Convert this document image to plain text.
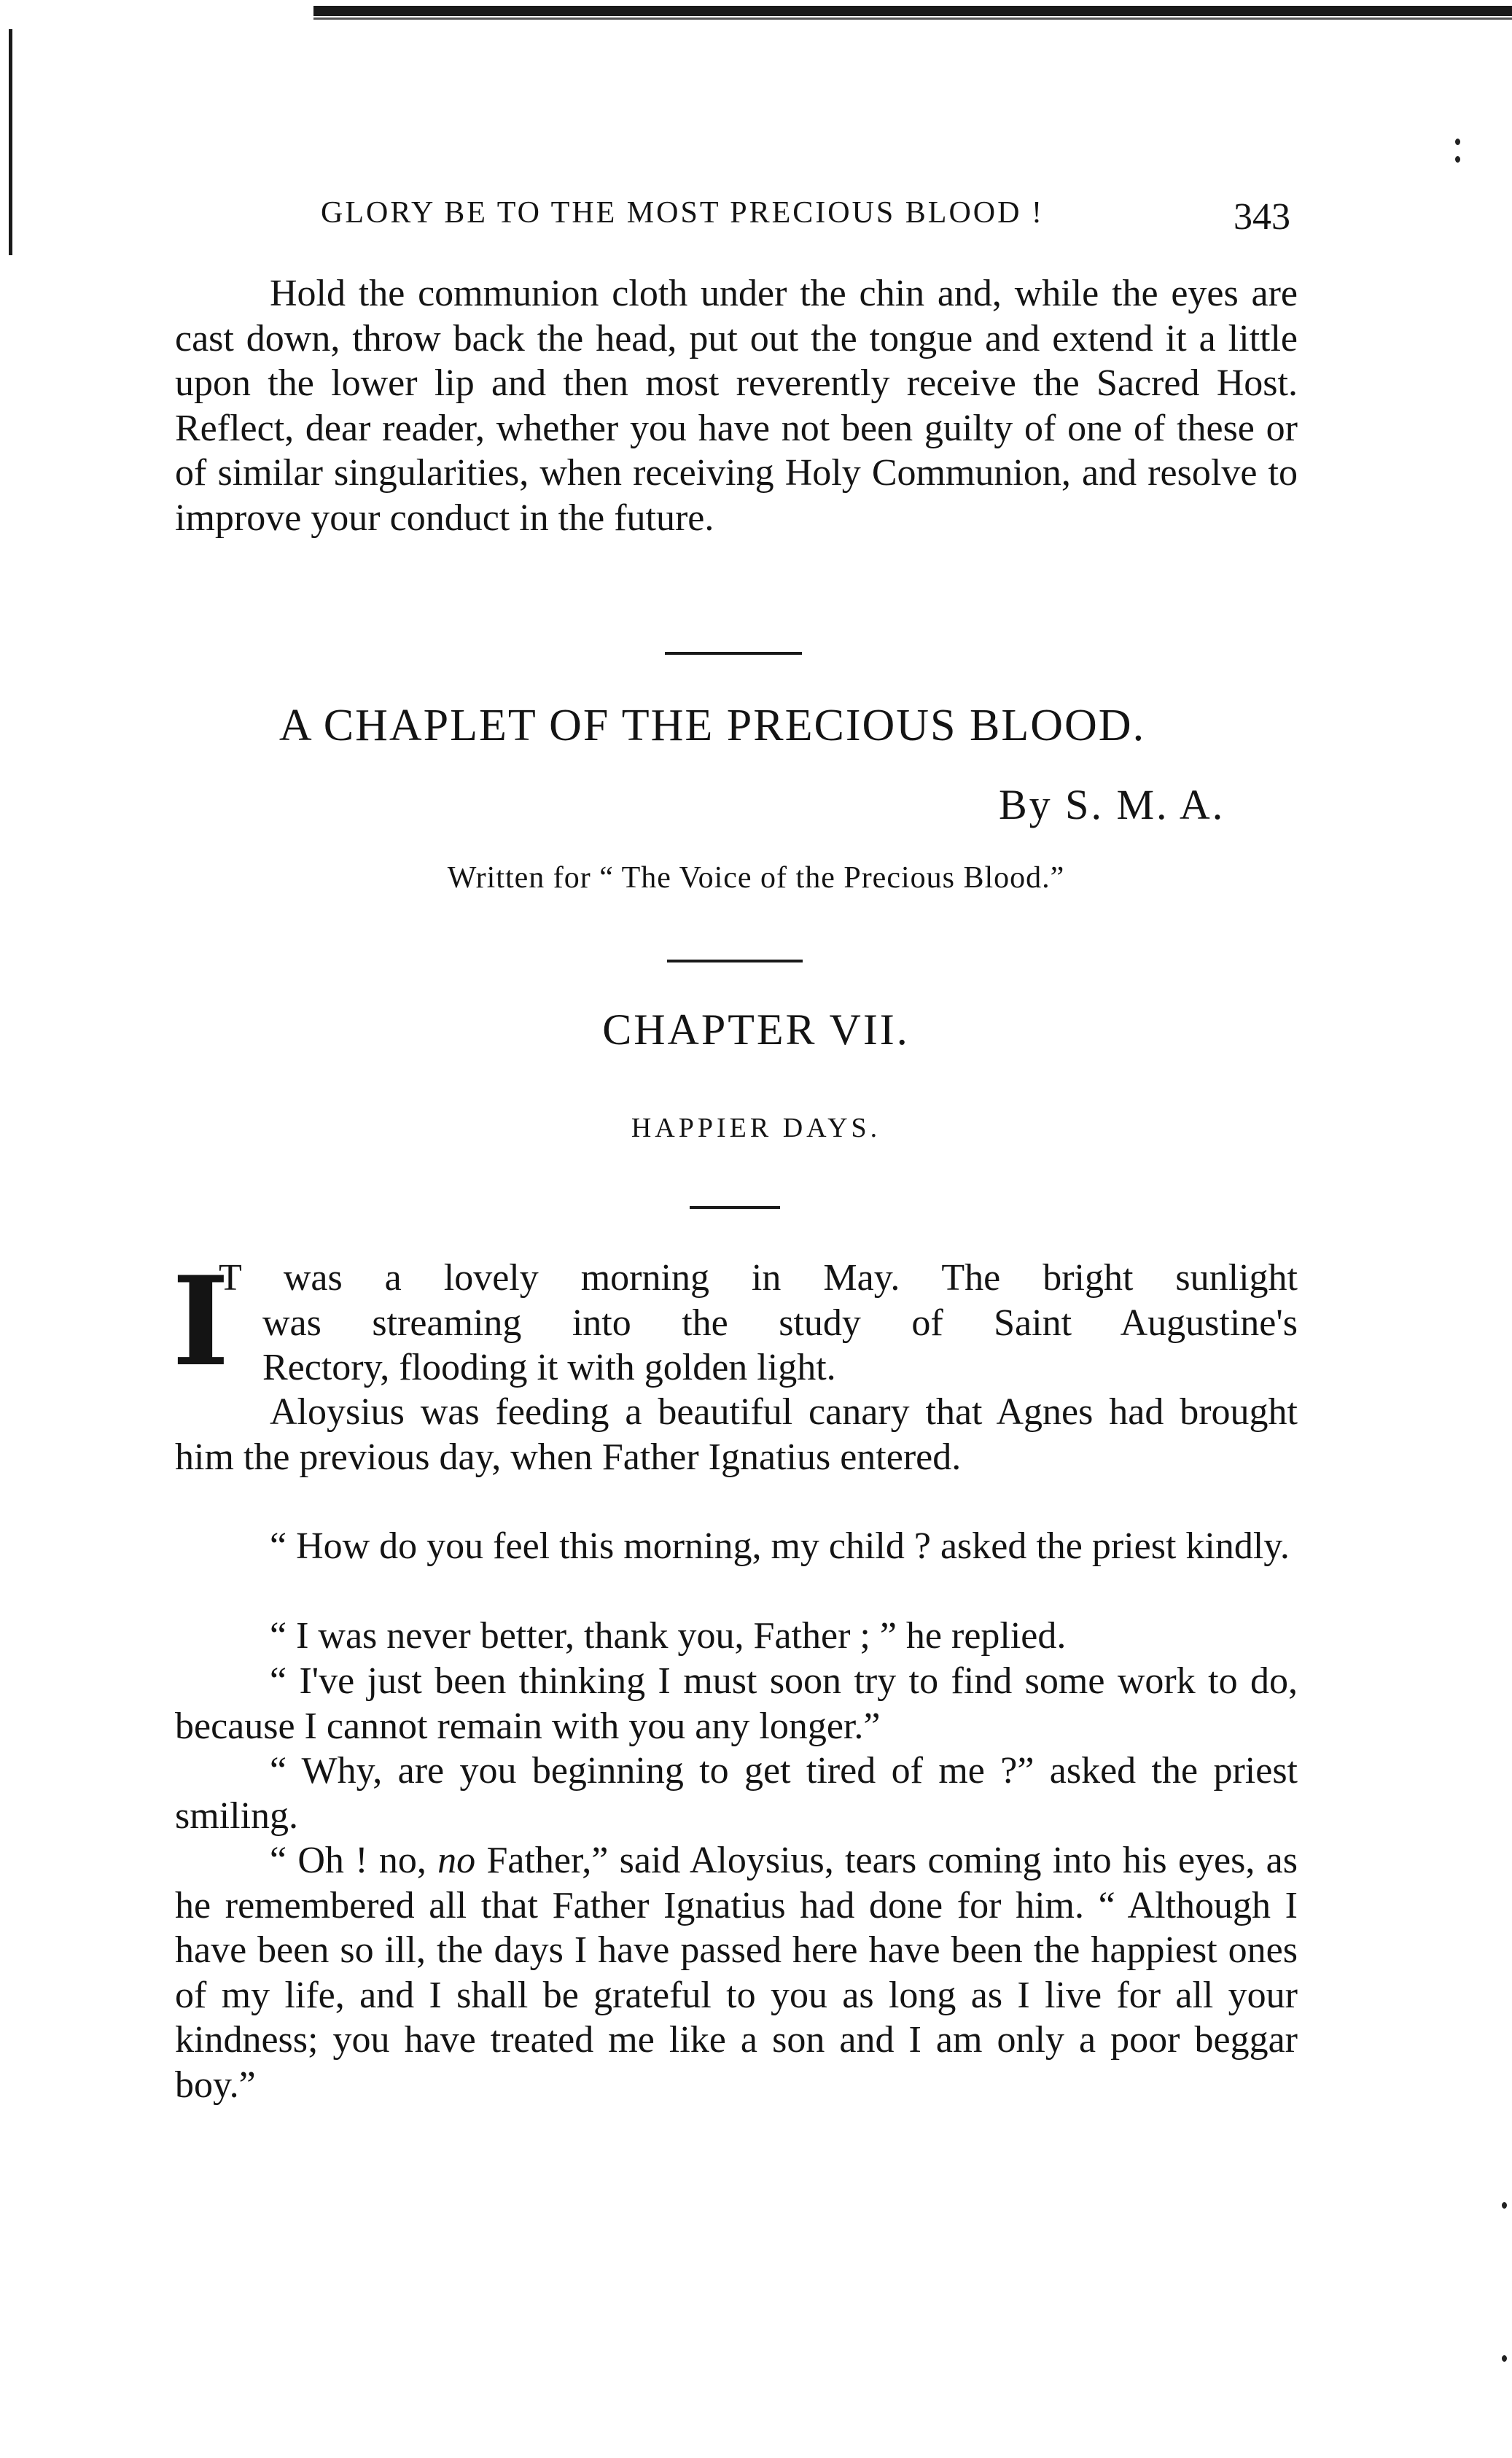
GLORY BE TO THE MOST PRECIOUS BLOOD !	343
Hold the communion cloth under the chin and, while the eyes are cast down, throw back the head, put out the tongue and extend it a little upon the lower lip and then most reverently receive the Sacred Host. Reflect, dear reader, whether you have not been guilty of one of these or of similar singularities, when receiving Holy Communion, and resolve to improve your conduct in the future.
A CHAPLET OF THE PRECIOUS BLOOD.
By S. M. A.
Written for “ The Voice of the Precious Blood.”
CHAPTER VII.
HAPPIER DAYS.
I
T was a lovely morning in May. The bright sunlight
was streaming into the study of Saint Augustine's
Rectory, flooding it with golden light.
Aloysius was feeding a beautiful canary that Agnes had brought him the previous day, when Father Ignatius entered.
“ How do you feel this morning, my child ? asked the priest kindly.
“ I was never better, thank you, Father ; ” he replied.
“ I've just been thinking I must soon try to find some work to do, because I cannot remain with you any longer.”
“ Why, are you beginning to get tired of me ?” asked the priest smiling.
“ Oh ! no, no Father,” said Aloysius, tears coming into his eyes, as he remembered all that Father Ignatius had done for him. “ Although I have been so ill, the days I have passed here have been the happiest ones of my life, and I shall be grateful to you as long as I live for all your kindness; you have treated me like a son and I am only a poor beggar boy.”
